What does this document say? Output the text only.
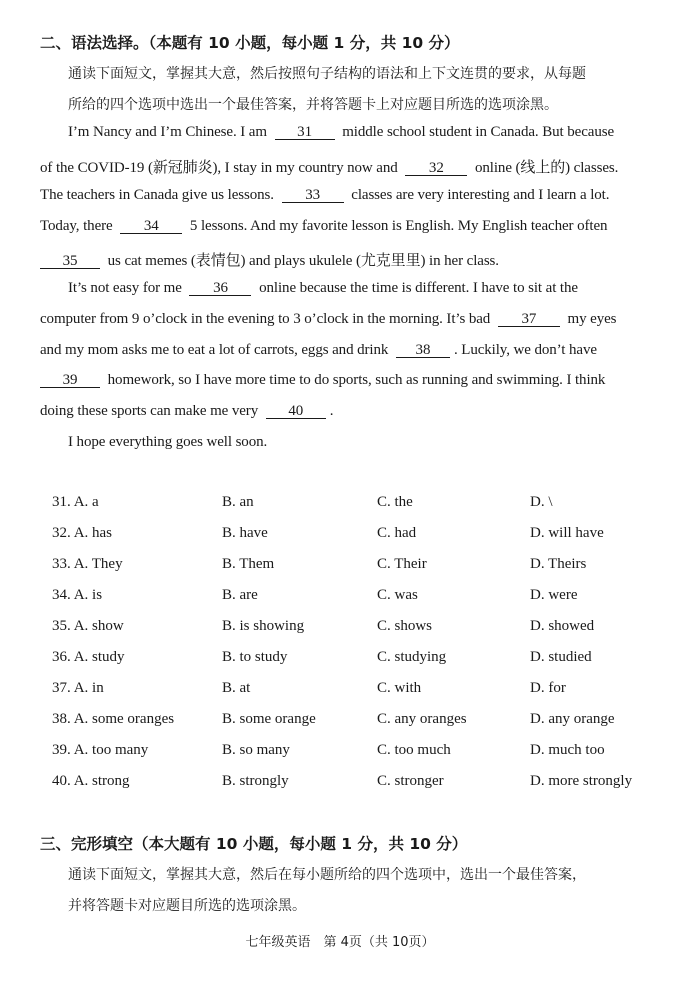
二、语法选择。（本题有 10 小题，每小题 1 分，共 10 分）
通读下面短文，掌握其大意，然后按照句子结构的语法和上下文连贯的要求，从每题
所给的四个选项中选出一个最佳答案，并将答题卡上对应题目所选的选项涂黑。
I’m Nancy and I’m Chinese. I am 31 middle school student in Canada. But because
of the COVID-19 (新冠肺炎), I stay in my country now and 32 online (线上的) classes.
The teachers in Canada give us lessons. 33 classes are very interesting and I learn a lot.
Today, there 34 5 lessons. And my favorite lesson is English. My English teacher often
35 us cat memes (表情包) and plays ukulele (尤克里里) in her class.
It’s not easy for me 36 online because the time is different. I have to sit at the
computer from 9 o’clock in the evening to 3 o’clock in the morning. It’s bad 37 my eyes
and my mom asks me to eat a lot of carrots, eggs and drink 38 . Luckily, we don’t have
39 homework, so I have more time to do sports, such as running and swimming. I think
doing these sports can make me very 40 .
I hope everything goes well soon.
31. A. a	B. an	C. the	D. \
32. A. has	B. have	C. had	D. will have
33. A. They	B. Them	C. Their	D. Theirs
34. A. is	B. are	C. was	D. were
35. A. show	B. is showing	C. shows	D. showed
36. A. study	B. to study	C. studying	D. studied
37. A. in	B. at	C. with	D. for
38. A. some oranges	B. some orange	C. any oranges	D. any orange
39. A. too many	B. so many	C. too much	D. much too
40. A. strong	B. strongly	C. stronger	D. more strongly
三、完形填空（本大题有 10 小题，每小题 1 分，共 10 分）
通读下面短文，掌握其大意，然后在每小题所给的四个选项中，选出一个最佳答案，
并将答题卡对应题目所选的选项涂黑。
七年级英语　第 4页（共 10页）
